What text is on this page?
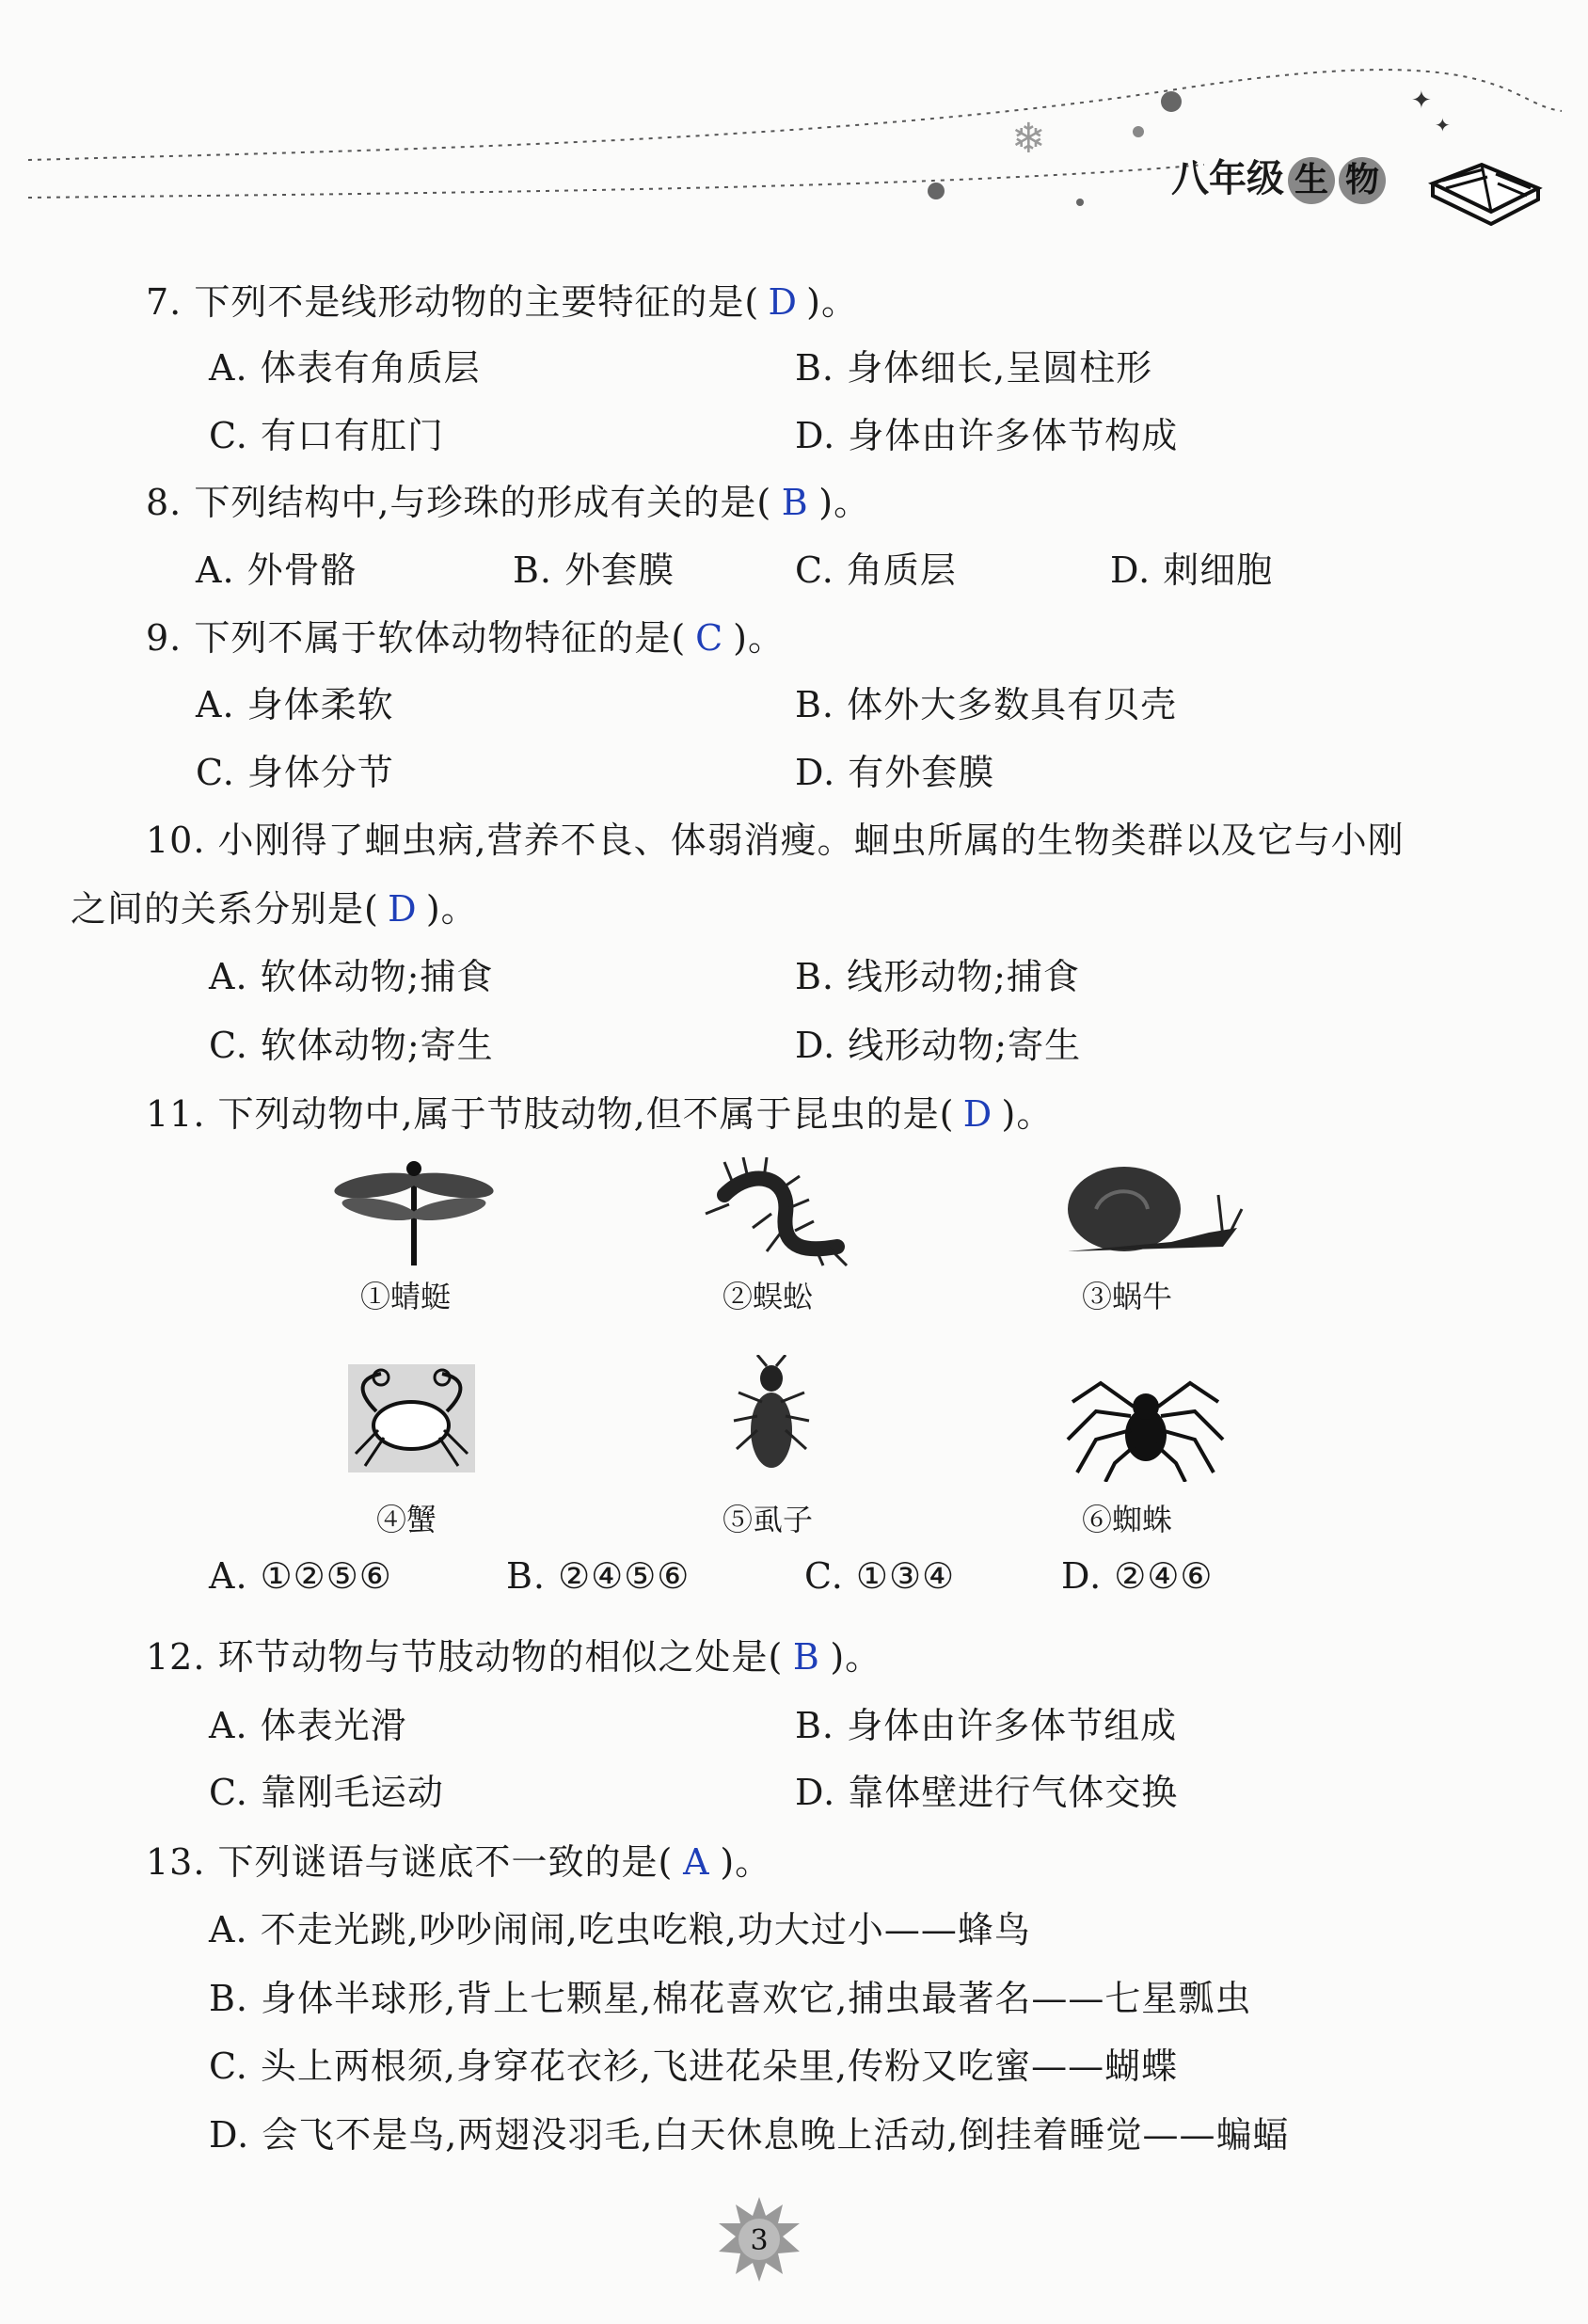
❄
✦
✦
八年级 生 物
7. 下列不是线形动物的主要特征的是( D )。
A. 体表有角质层	B. 身体细长,呈圆柱形
C. 有口有肛门	D. 身体由许多体节构成
8. 下列结构中,与珍珠的形成有关的是( B )。
A. 外骨骼	B. 外套膜	C. 角质层	D. 刺细胞
9. 下列不属于软体动物特征的是( C )。
A. 身体柔软	B. 体外大多数具有贝壳
C. 身体分节	D. 有外套膜
10. 小刚得了蛔虫病,营养不良、体弱消瘦。蛔虫所属的生物类群以及它与小刚
之间的关系分别是( D )。
A. 软体动物;捕食	B. 线形动物;捕食
C. 软体动物;寄生	D. 线形动物;寄生
11. 下列动物中,属于节肢动物,但不属于昆虫的是( D )。
①蜻蜓	②蜈蚣	③蜗牛
④蟹	⑤虱子	⑥蜘蛛
A. ①②⑤⑥	B. ②④⑤⑥	C. ①③④	D. ②④⑥
12. 环节动物与节肢动物的相似之处是( B )。
A. 体表光滑	B. 身体由许多体节组成
C. 靠刚毛运动	D. 靠体壁进行气体交换
13. 下列谜语与谜底不一致的是( A )。
A. 不走光跳,吵吵闹闹,吃虫吃粮,功大过小——蜂鸟
B. 身体半球形,背上七颗星,棉花喜欢它,捕虫最著名——七星瓢虫
C. 头上两根须,身穿花衣衫,飞进花朵里,传粉又吃蜜——蝴蝶
D. 会飞不是鸟,两翅没羽毛,白天休息晚上活动,倒挂着睡觉——蝙蝠
3
